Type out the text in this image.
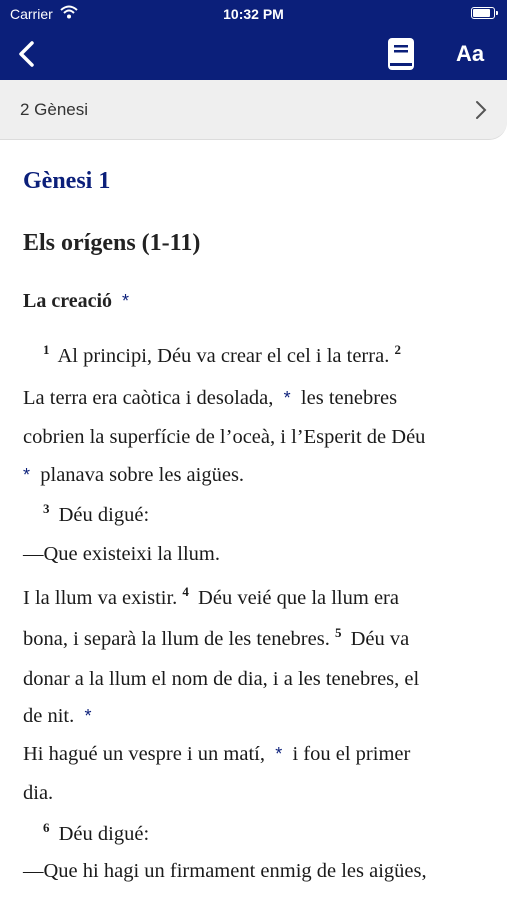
Carrier	10:32 PM
Aa
2 Gènesi
Gènesi 1
Els orígens (1-11)
La creació *
$^1$ Al principi, Déu va crear el cel i la terra. $^2$
La terra era caòtica i desolada, * les tenebres
cobrien la superfície de l’oceà, i l’Esperit de Déu
* planava sobre les aigües.
$^3$ Déu digué:
—Que existeixi la llum.
I la llum va existir. $^4$ Déu veié que la llum era
bona, i separà la llum de les tenebres. $^5$ Déu va
donar a la llum el nom de dia, i a les tenebres, el
de nit. *
Hi hagué un vespre i un matí, * i fou el primer
dia.
$^6$ Déu digué:
—Que hi hagi un firmament enmig de les aigües,
